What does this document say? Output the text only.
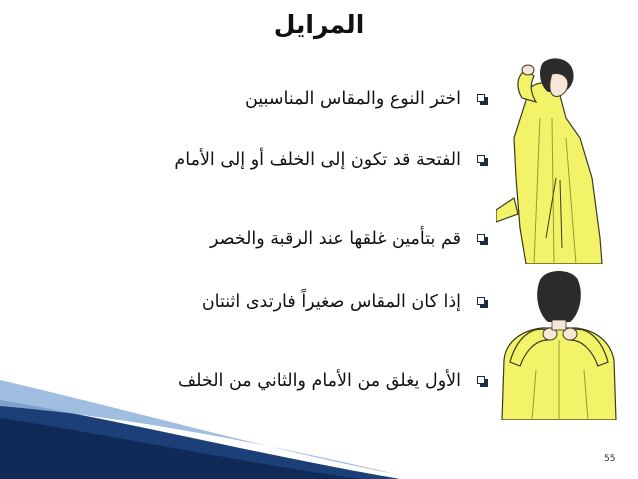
المرايل
اختر النوع والمقاس المناسبين
الفتحة قد تكون إلى الخلف أو إلى الأمام
قم بتأمين غلقها عند الرقبة والخصر
إذا كان المقاس صغيراً فارتدى اثنتان
الأول يغلق من الأمام والثاني من الخلف
55
